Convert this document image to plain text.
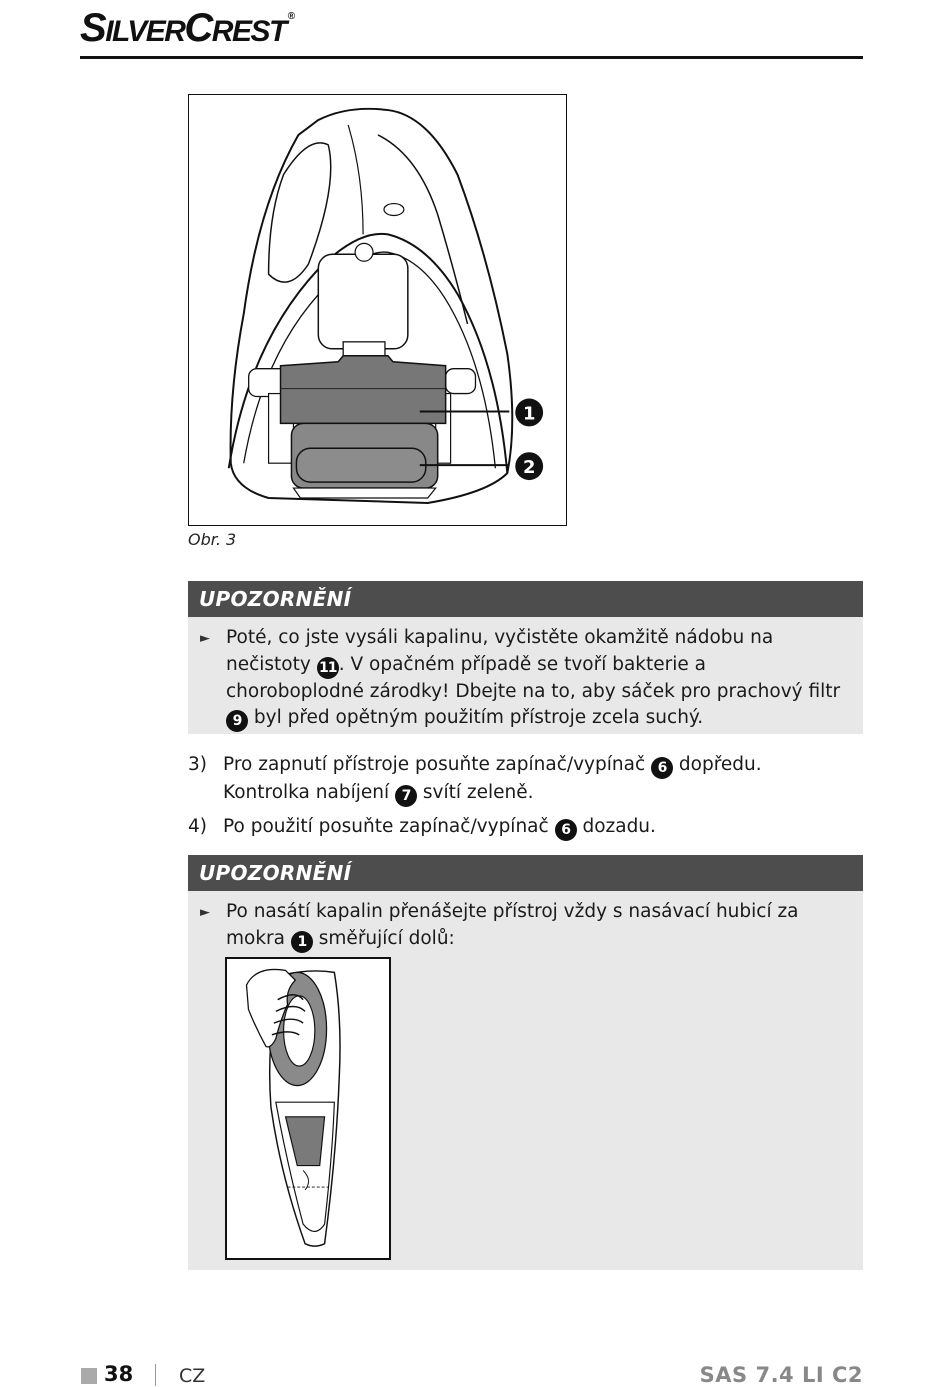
SILVERCREST ®
1
2
Obr. 3
UPOZORNĚNÍ
► Poté, co jste vysáli kapalinu, vyčistěte okamžitě nádobu na nečistoty 11 . V opačném případě se tvoří bakterie a choroboplodné zárodky! Dbejte na to, aby sáček pro prachový filtr 9 byl před opětným použitím přístroje zcela suchý.
3) Pro zapnutí přístroje posuňte zapínač/vypínač 6 dopředu.
Kontrolka nabíjení 7 svítí zeleně.
4) Po použití posuňte zapínač/vypínač 6 dozadu.
UPOZORNĚNÍ
► Po nasátí kapalin přenášejte přístroj vždy s nasávací hubicí za mokra 1 směřující dolů:
38 CZ	SAS 7.4 LI C2
